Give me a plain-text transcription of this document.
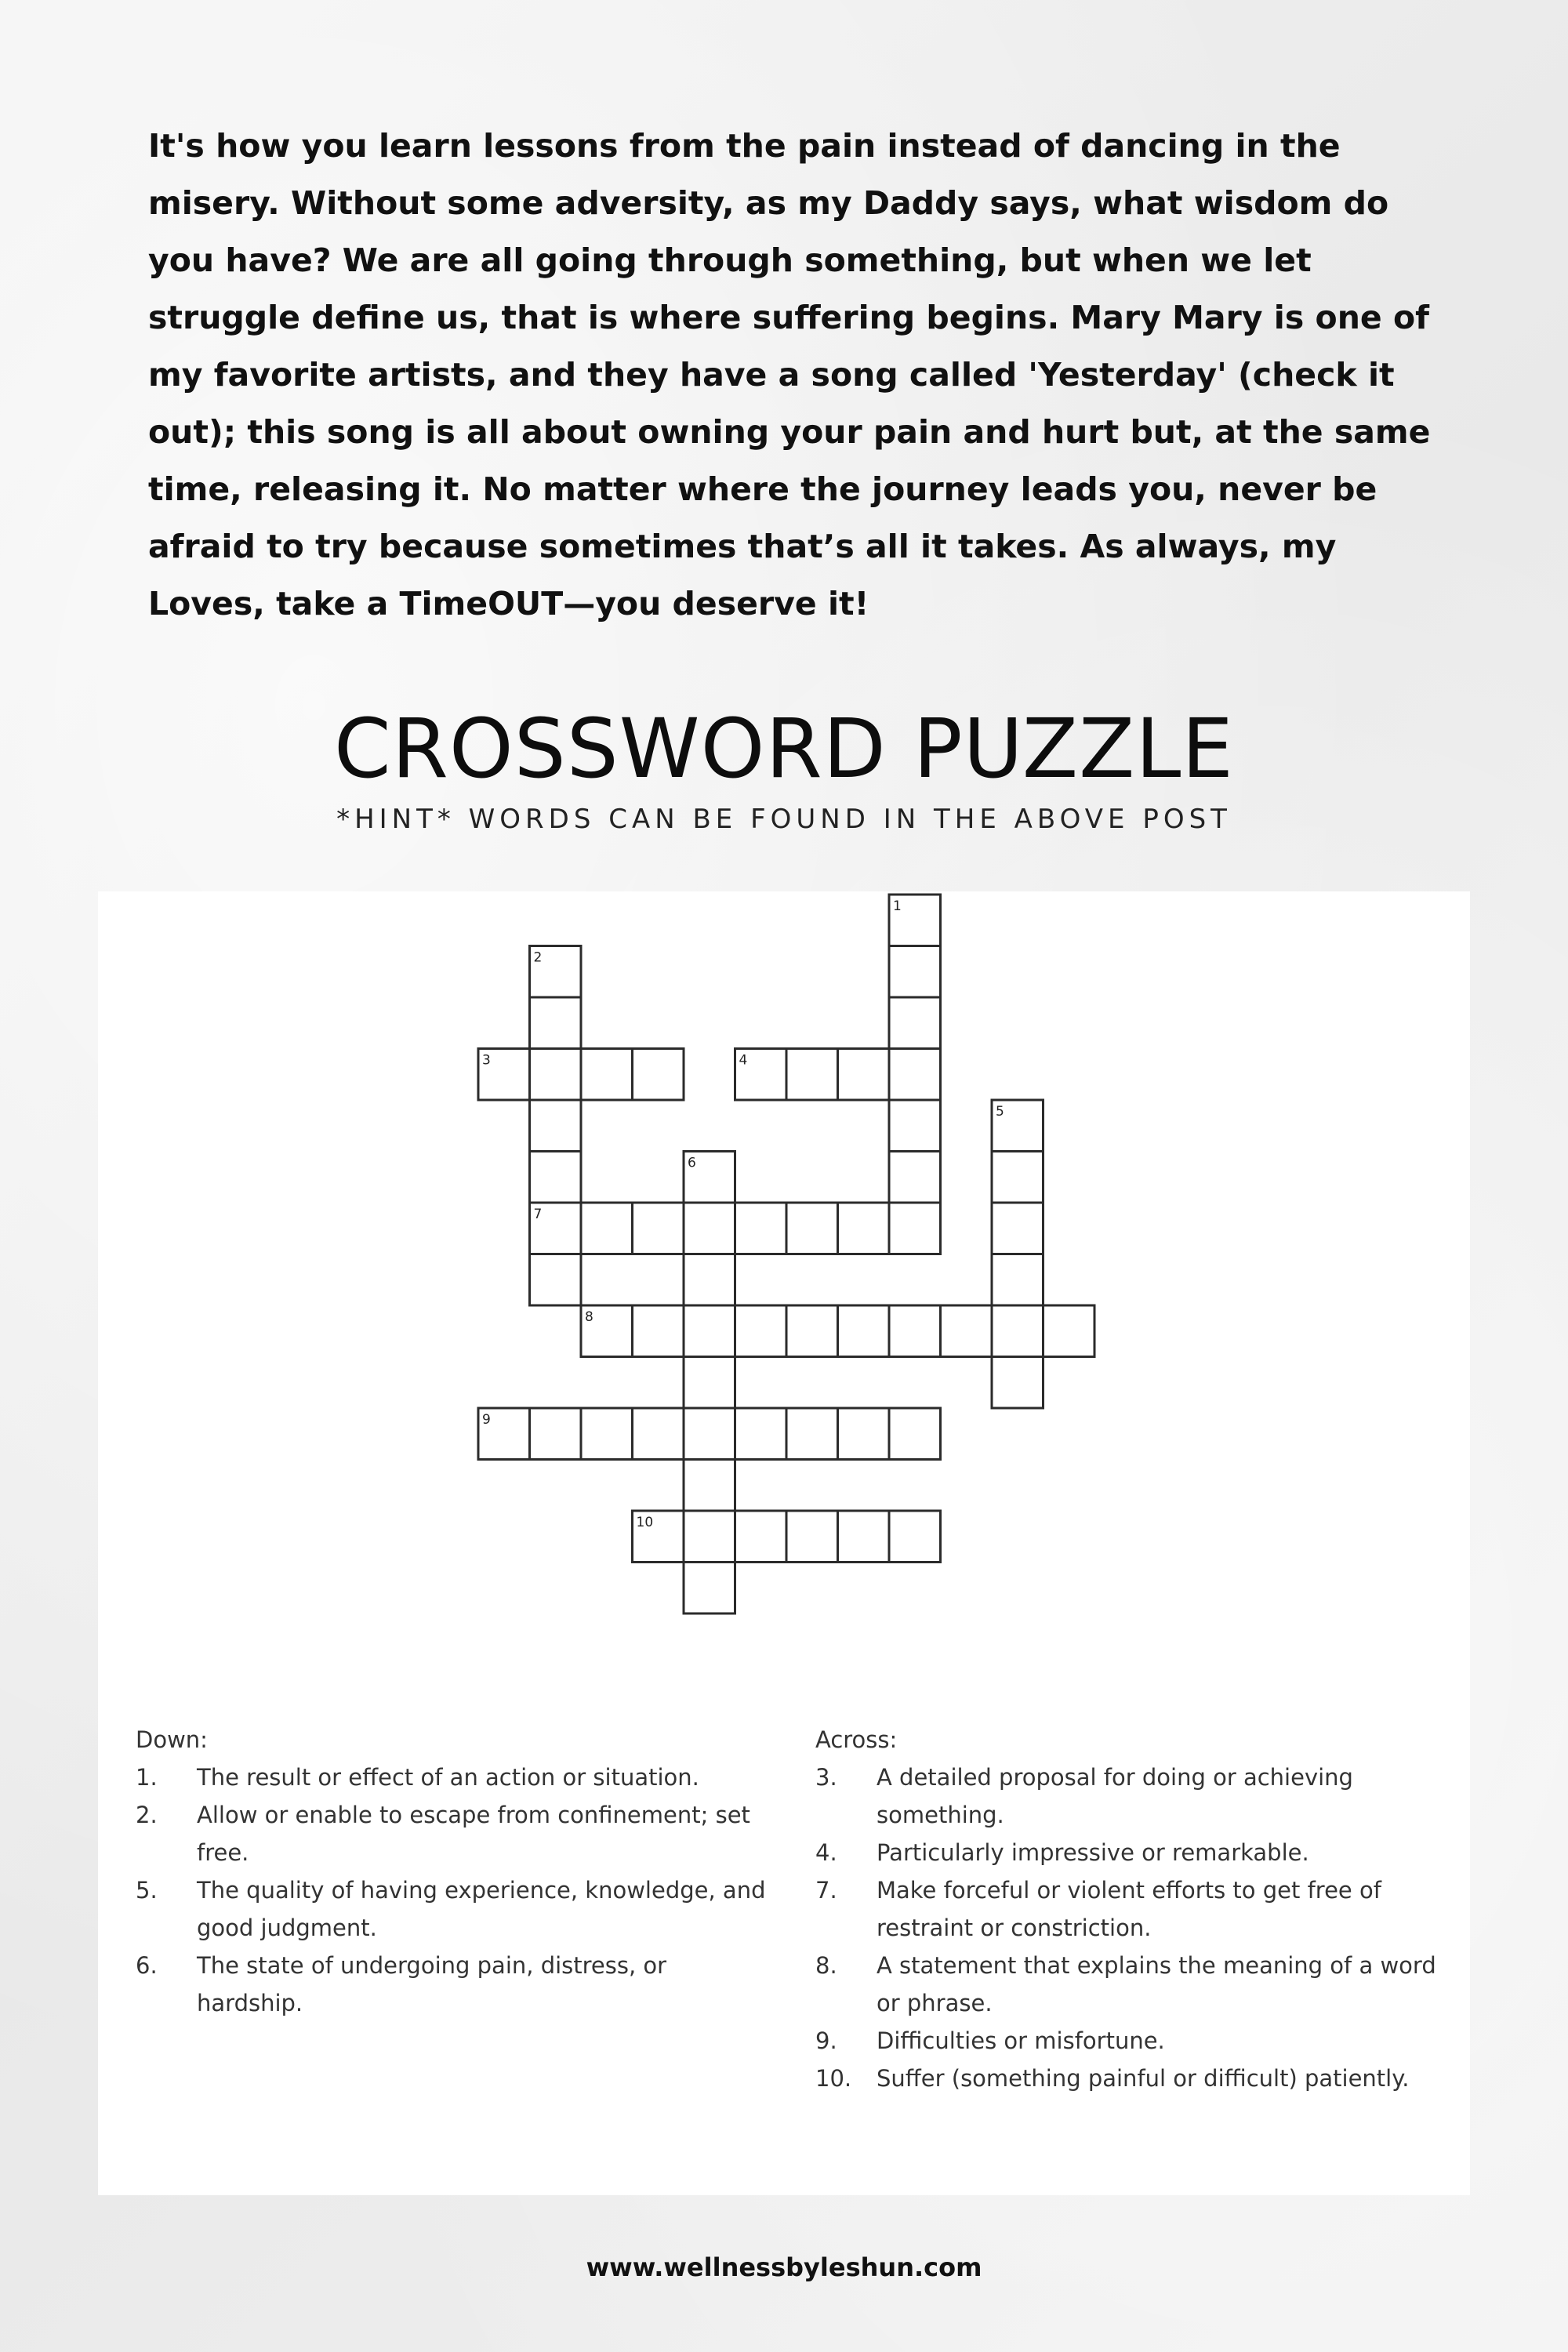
It's how you learn lessons from the pain instead of dancing in the misery. Without some adversity, as my Daddy says, what wisdom do you have? We are all going through something, but when we let struggle define us, that is where suffering begins. Mary Mary is one of my favorite artists, and they have a song called 'Yesterday' (check it out); this song is all about owning your pain and hurt but, at the same time, releasing it. No matter where the journey leads you, never be afraid to try because sometimes that’s all it takes. As always, my Loves, take a TimeOUT—you deserve it!

CROSSWORD PUZZLE
*HINT* WORDS CAN BE FOUND IN THE ABOVE POST
1
2
3	4
5
6
7
8
9
10
Down:
1. The result or effect of an action or situation.
2. Allow or enable to escape from confinement; set free.
5. The quality of having experience, knowledge, and good judgment.
6. The state of undergoing pain, distress, or hardship.
Across:
3. A detailed proposal for doing or achieving something.
4. Particularly impressive or remarkable.
7. Make forceful or violent efforts to get free of restraint or constriction.
8. A statement that explains the meaning of a word or phrase.
9. Difficulties or misfortune.
10. Suffer (something painful or difficult) patiently.
www.wellnessbyleshun.com
